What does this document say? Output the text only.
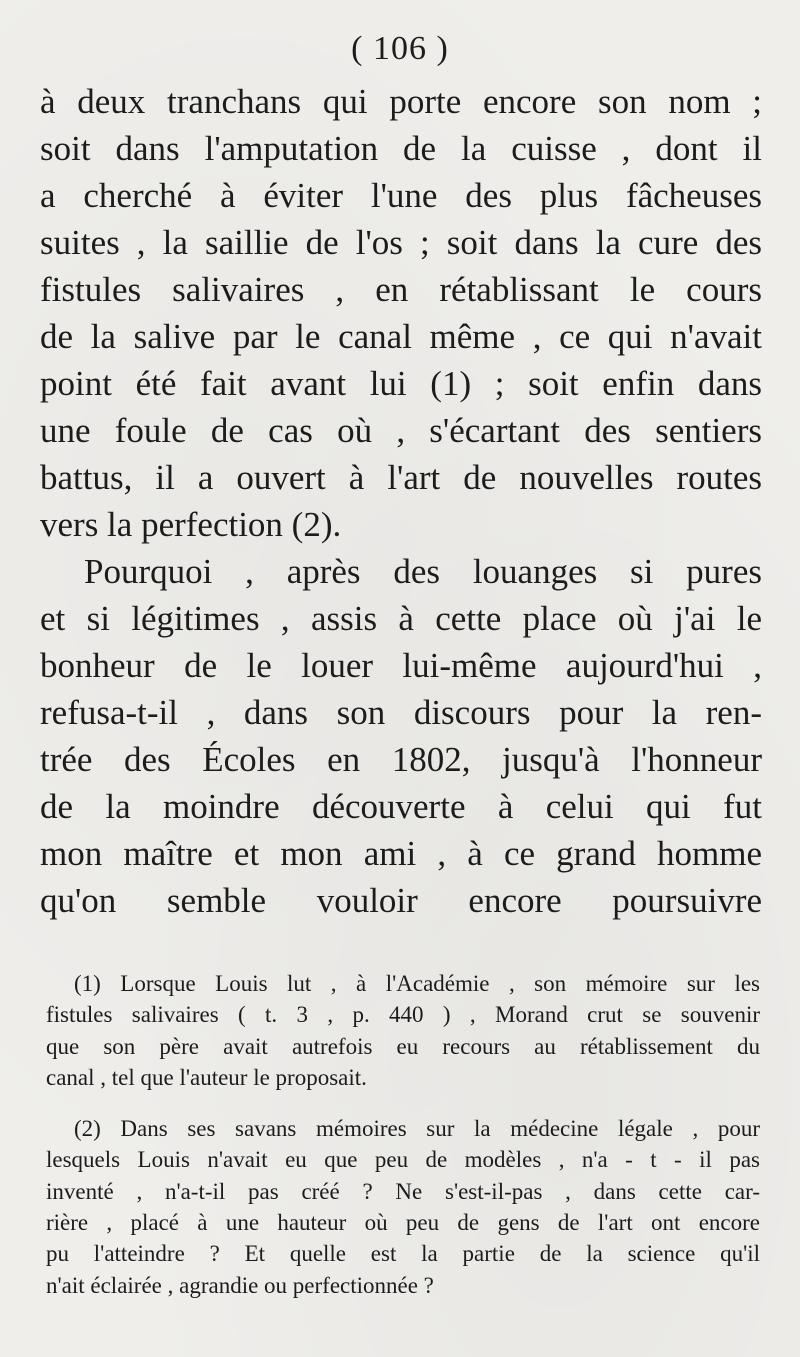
( 106 )
à deux tranchans qui porte encore son nom ;
soit dans l'amputation de la cuisse , dont il
a cherché à éviter l'une des plus fâcheuses
suites , la saillie de l'os ; soit dans la cure des
fistules salivaires , en rétablissant le cours
de la salive par le canal même , ce qui n'avait
point été fait avant lui (1) ; soit enfin dans
une foule de cas où , s'écartant des sentiers
battus, il a ouvert à l'art de nouvelles routes
vers la perfection (2).
Pourquoi , après des louanges si pures
et si légitimes , assis à cette place où j'ai le
bonheur de le louer lui-même aujourd'hui ,
refusa-t-il , dans son discours pour la ren-
trée des Écoles en 1802, jusqu'à l'honneur
de la moindre découverte à celui qui fut
mon maître et mon ami , à ce grand homme
qu'on semble vouloir encore poursuivre
(1) Lorsque Louis lut , à l'Académie , son mémoire sur les
fistules salivaires ( t. 3 , p. 440 ) , Morand crut se souvenir
que son père avait autrefois eu recours au rétablissement du
canal , tel que l'auteur le proposait.
(2) Dans ses savans mémoires sur la médecine légale , pour
lesquels Louis n'avait eu que peu de modèles , n'a - t - il pas
inventé , n'a-t-il pas créé ? Ne s'est-il-pas , dans cette car-
rière , placé à une hauteur où peu de gens de l'art ont encore
pu l'atteindre ? Et quelle est la partie de la science qu'il
n'ait éclairée , agrandie ou perfectionnée ?
